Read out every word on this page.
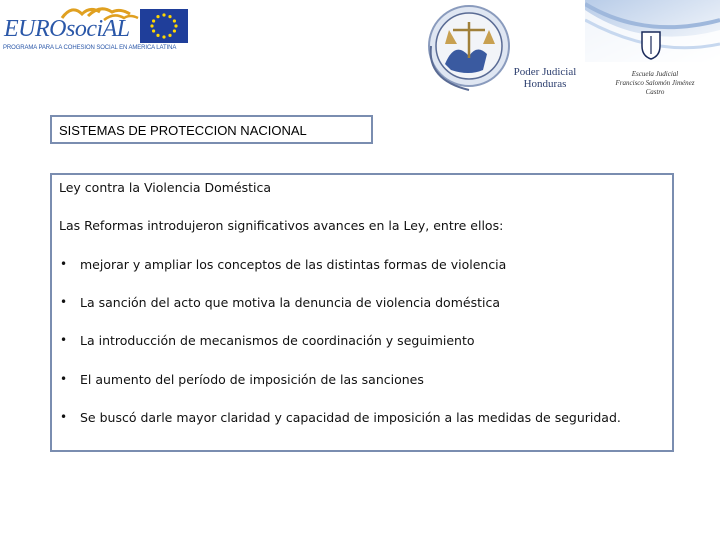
EUROsociAL
PROGRAMA PARA LA COHESION SOCIAL EN AMERICA LATINA
Poder Judicial
Honduras
Escuela Judicial
Francisco Salomón Jiménez Castro
SISTEMAS DE PROTECCION NACIONAL
Ley contra la Violencia Doméstica
Las Reformas introdujeron significativos avances en la Ley, entre ellos:
• mejorar y ampliar los conceptos de las distintas formas de violencia
• La sanción del acto que motiva la denuncia de violencia doméstica
• La introducción de mecanismos de coordinación y seguimiento
• El aumento del período de imposición de las sanciones
• Se buscó darle mayor claridad y capacidad de imposición a las medidas de seguridad.
